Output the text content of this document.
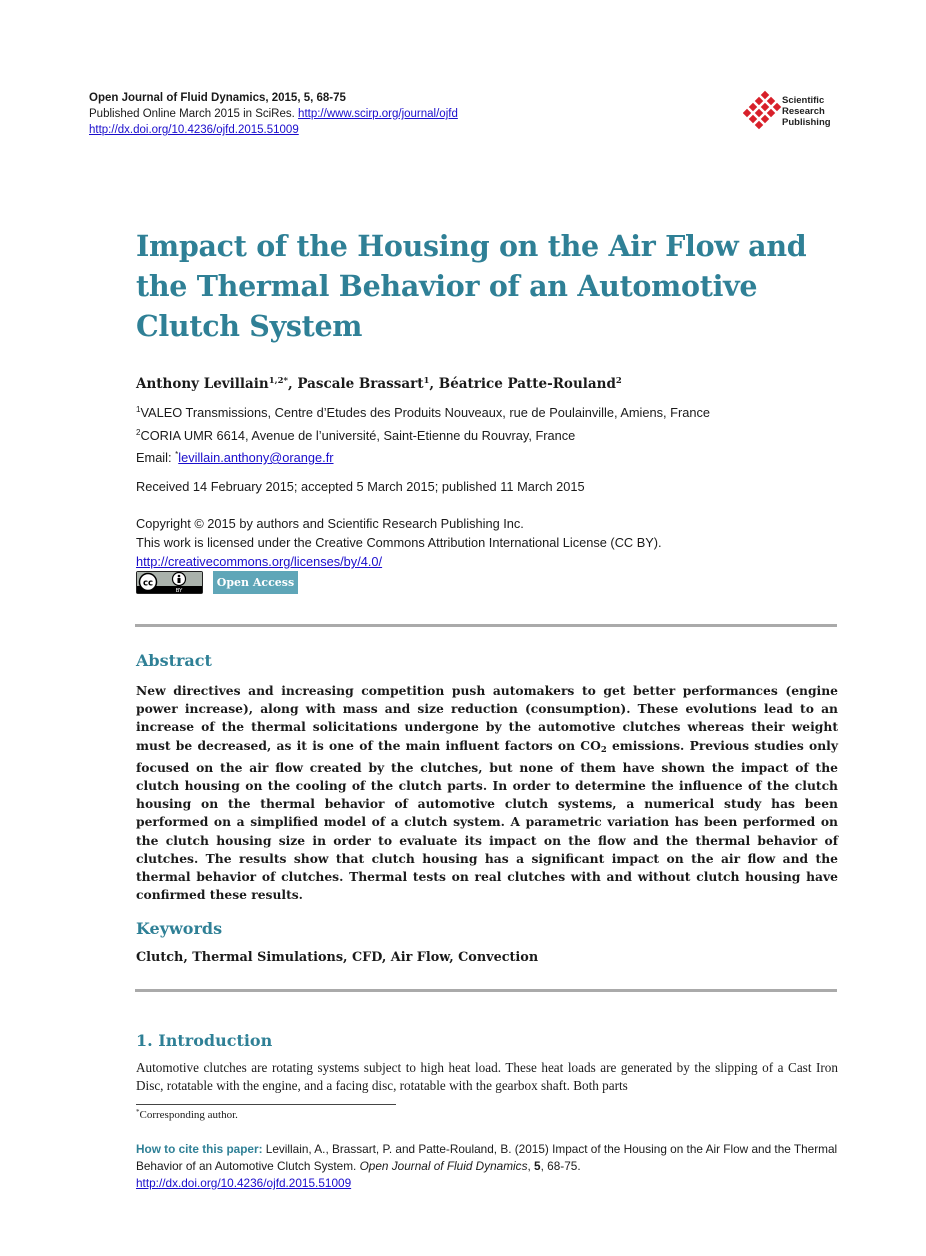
Open Journal of Fluid Dynamics, 2015, 5, 68-75
Published Online March 2015 in SciRes. http://www.scirp.org/journal/ojfd
http://dx.doi.org/10.4236/ojfd.2015.51009
Scientific
Research
Publishing
Impact of the Housing on the Air Flow and the Thermal Behavior of an Automotive Clutch System
Anthony Levillain$^{1,2*}$, Pascale Brassart$^1$, Béatrice Patte-Rouland$^2$
$^1$VALEO Transmissions, Centre d’Etudes des Produits Nouveaux, rue de Poulainville, Amiens, France
$^2$CORIA UMR 6614, Avenue de l’université, Saint-Etienne du Rouvray, France
Email: *levillain.anthony@orange.fr
Received 14 February 2015; accepted 5 March 2015; published 11 March 2015
Copyright © 2015 by authors and Scientific Research Publishing Inc.
This work is licensed under the Creative Commons Attribution International License (CC BY).
http://creativecommons.org/licenses/by/4.0/
cc
BY
Open Access
Abstract
New directives and increasing competition push automakers to get better performances (engine power increase), along with mass and size reduction (consumption). These evolutions lead to an increase of the thermal solicitations undergone by the automotive clutches whereas their weight must be decreased, as it is one of the main influent factors on $CO_2$ emissions. Previous studies only focused on the air flow created by the clutches, but none of them have shown the impact of the clutch housing on the cooling of the clutch parts. In order to determine the influence of the clutch housing on the thermal behavior of automotive clutch systems, a numerical study has been performed on a simplified model of a clutch system. A parametric variation has been performed on the clutch housing size in order to evaluate its impact on the flow and the thermal behavior of clutches. The results show that clutch housing has a significant impact on the air flow and the thermal behavior of clutches. Thermal tests on real clutches with and without clutch housing have confirmed these results.
Keywords
Clutch, Thermal Simulations, CFD, Air Flow, Convection
1. Introduction
Automotive clutches are rotating systems subject to high heat load. These heat loads are generated by the slipping of a Cast Iron Disc, rotatable with the engine, and a facing disc, rotatable with the gearbox shaft. Both parts
*Corresponding author.
How to cite this paper: Levillain, A., Brassart, P. and Patte-Rouland, B. (2015) Impact of the Housing on the Air Flow and the Thermal Behavior of an Automotive Clutch System. Open Journal of Fluid Dynamics, 5, 68-75.
http://dx.doi.org/10.4236/ojfd.2015.51009
